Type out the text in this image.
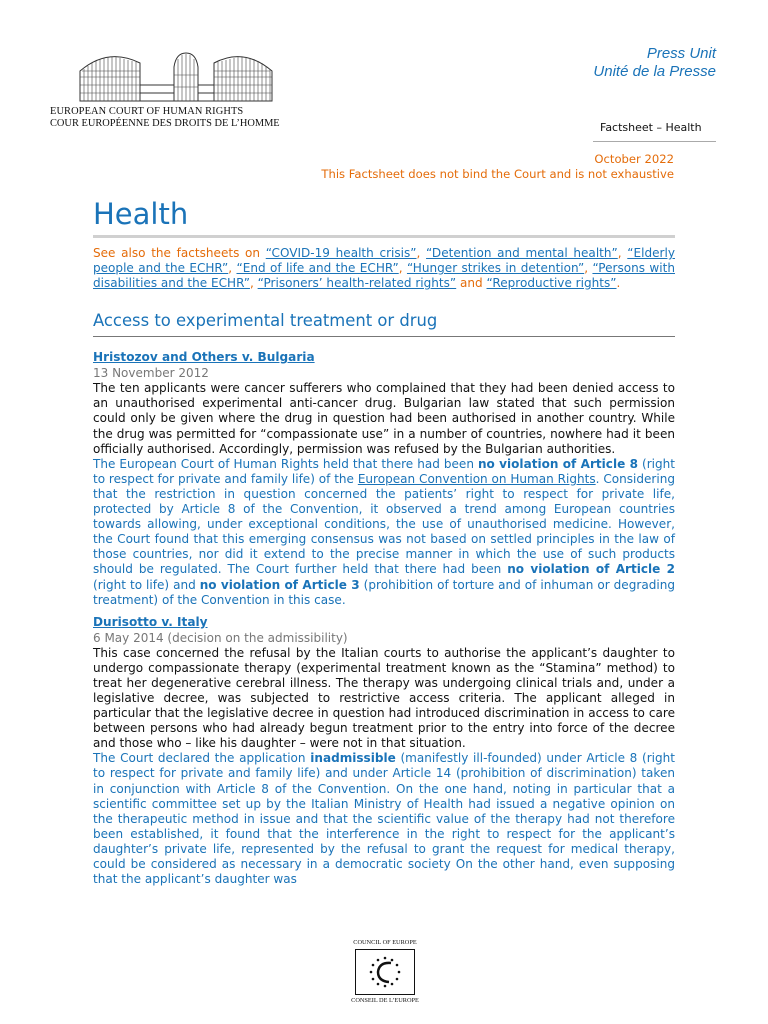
EUROPEAN COURT OF HUMAN RIGHTS
COUR EUROPÉENNE DES DROITS DE L’HOMME
Press Unit
Unité de la Presse
Factsheet – Health
October 2022
This Factsheet does not bind the Court and is not exhaustive
Health

See also the factsheets on “COVID-19 health crisis”, “Detention and mental health”, “Elderly people and the ECHR”, “End of life and the ECHR”, “Hunger strikes in detention”, “Persons with disabilities and the ECHR”, “Prisoners’ health-related rights” and “Reproductive rights”.

Access to experimental treatment or drug
Hristozov and Others v. Bulgaria
13 November 2012

The ten applicants were cancer sufferers who complained that they had been denied access to an unauthorised experimental anti-cancer drug. Bulgarian law stated that such permission could only be given where the drug in question had been authorised in another country. While the drug was permitted for “compassionate use” in a number of countries, nowhere had it been officially authorised. Accordingly, permission was refused by the Bulgarian authorities.

The European Court of Human Rights held that there had been no violation of Article 8 (right to respect for private and family life) of the European Convention on Human Rights. Considering that the restriction in question concerned the patients’ right to respect for private life, protected by Article 8 of the Convention, it observed a trend among European countries towards allowing, under exceptional conditions, the use of unauthorised medicine. However, the Court found that this emerging consensus was not based on settled principles in the law of those countries, nor did it extend to the precise manner in which the use of such products should be regulated. The Court further held that there had been no violation of Article 2 (right to life) and no violation of Article 3 (prohibition of torture and of inhuman or degrading treatment) of the Convention in this case.

Durisotto v. Italy
6 May 2014 (decision on the admissibility)

This case concerned the refusal by the Italian courts to authorise the applicant’s daughter to undergo compassionate therapy (experimental treatment known as the “Stamina” method) to treat her degenerative cerebral illness. The therapy was undergoing clinical trials and, under a legislative decree, was subjected to restrictive access criteria. The applicant alleged in particular that the legislative decree in question had introduced discrimination in access to care between persons who had already begun treatment prior to the entry into force of the decree and those who – like his daughter – were not in that situation.

The Court declared the application inadmissible (manifestly ill-founded) under Article 8 (right to respect for private and family life) and under Article 14 (prohibition of discrimination) taken in conjunction with Article 8 of the Convention. On the one hand, noting in particular that a scientific committee set up by the Italian Ministry of Health had issued a negative opinion on the therapeutic method in issue and that the scientific value of the therapy had not therefore been established, it found that the interference in the right to respect for the applicant’s daughter’s private life, represented by the refusal to grant the request for medical therapy, could be considered as necessary in a democratic society On the other hand, even supposing that the applicant’s daughter was

COUNCIL OF EUROPE
CONSEIL DE L’EUROPE
